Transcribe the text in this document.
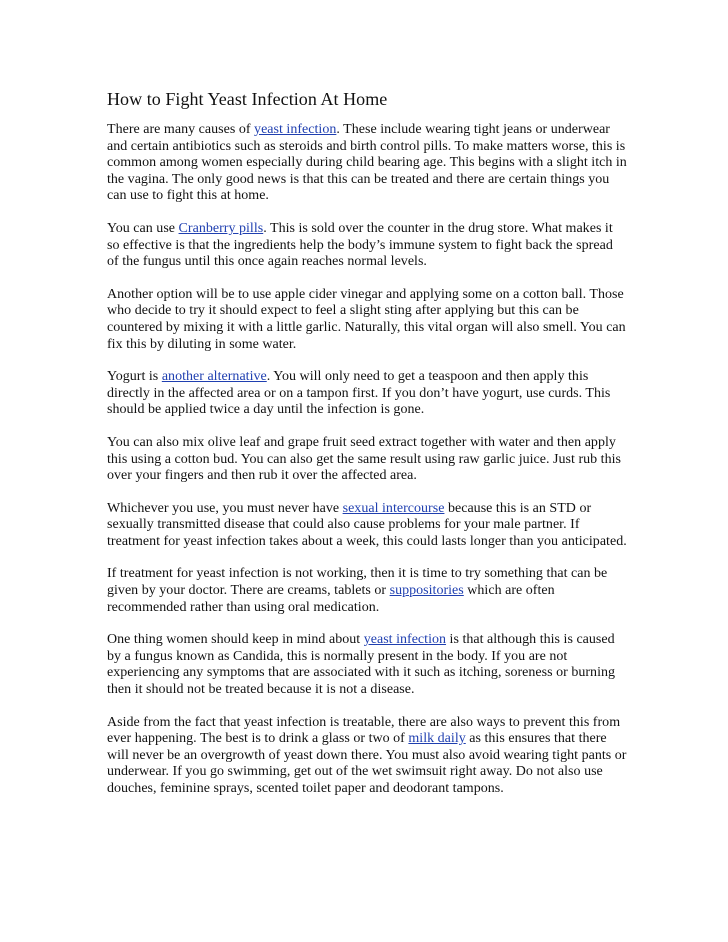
How to Fight Yeast Infection At Home

There are many causes of yeast infection. These include wearing tight jeans or underwear and certain antibiotics such as steroids and birth control pills. To make matters worse, this is common among women especially during child bearing age. This begins with a slight itch in the vagina. The only good news is that this can be treated and there are certain things you can use to fight this at home.

You can use Cranberry pills. This is sold over the counter in the drug store. What makes it so effective is that the ingredients help the body’s immune system to fight back the spread of the fungus until this once again reaches normal levels.

Another option will be to use apple cider vinegar and applying some on a cotton ball. Those who decide to try it should expect to feel a slight sting after applying but this can be countered by mixing it with a little garlic. Naturally, this vital organ will also smell. You can fix this by diluting in some water.

Yogurt is another alternative. You will only need to get a teaspoon and then apply this directly in the affected area or on a tampon first. If you don’t have yogurt, use curds. This should be applied twice a day until the infection is gone.

You can also mix olive leaf and grape fruit seed extract together with water and then apply this using a cotton bud. You can also get the same result using raw garlic juice. Just rub this over your fingers and then rub it over the affected area.

Whichever you use, you must never have sexual intercourse because this is an STD or sexually transmitted disease that could also cause problems for your male partner. If treatment for yeast infection takes about a week, this could lasts longer than you anticipated.

If treatment for yeast infection is not working, then it is time to try something that can be given by your doctor. There are creams, tablets or suppositories which are often recommended rather than using oral medication.

One thing women should keep in mind about yeast infection is that although this is caused by a fungus known as Candida, this is normally present in the body. If you are not experiencing any symptoms that are associated with it such as itching, soreness or burning then it should not be treated because it is not a disease.

Aside from the fact that yeast infection is treatable, there are also ways to prevent this from ever happening. The best is to drink a glass or two of milk daily as this ensures that there will never be an overgrowth of yeast down there. You must also avoid wearing tight pants or underwear. If you go swimming, get out of the wet swimsuit right away. Do not also use douches, feminine sprays, scented toilet paper and deodorant tampons.
